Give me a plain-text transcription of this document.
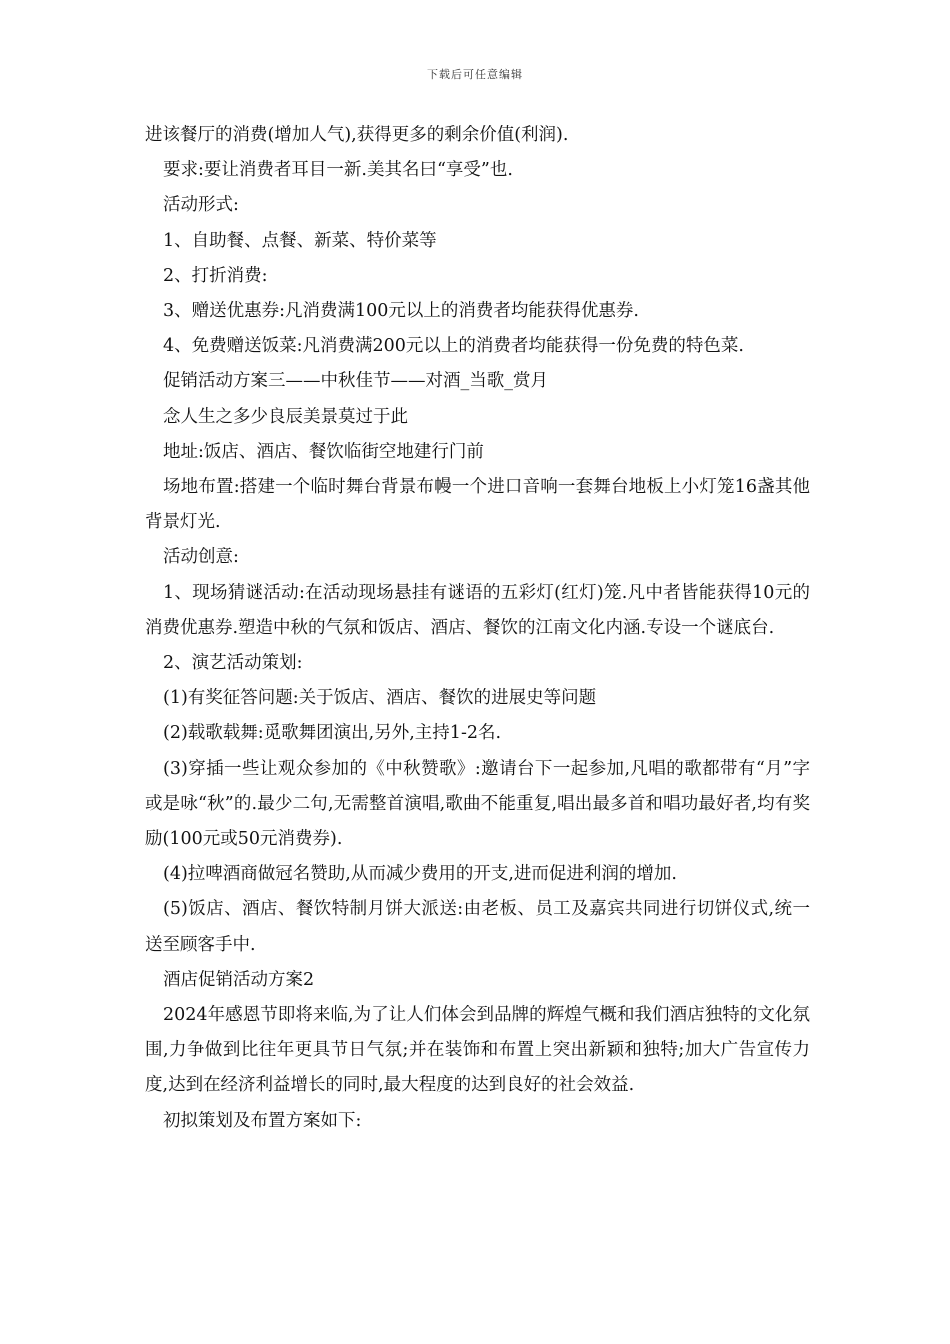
下载后可任意编辑

进该餐厅的消费(增加人气),获得更多的剩余价值(利润).

要求:要让消费者耳目一新.美其名曰“享受”也.

活动形式:

1、自助餐、点餐、新菜、特价菜等

2、打折消费:

3、赠送优惠券:凡消费满100元以上的消费者均能获得优惠券.

4、免费赠送饭菜:凡消费满200元以上的消费者均能获得一份免费的特色菜.

促销活动方案三——中秋佳节——对酒_当歌_赏月

念人生之多少良辰美景莫过于此

地址:饭店、酒店、餐饮临街空地建行门前

场地布置:搭建一个临时舞台背景布幔一个进口音响一套舞台地板上小灯笼16盏其他背景灯光.

活动创意:

1、现场猜谜活动:在活动现场悬挂有谜语的五彩灯(红灯)笼.凡中者皆能获得10元的消费优惠券.塑造中秋的气氛和饭店、酒店、餐饮的江南文化内涵.专设一个谜底台.

2、演艺活动策划:

(1)有奖征答问题:关于饭店、酒店、餐饮的进展史等问题

(2)载歌载舞:觅歌舞团演出,另外,主持1-2名.

(3)穿插一些让观众参加的《中秋赞歌》:邀请台下一起参加,凡唱的歌都带有“月”字或是咏“秋”的.最少二句,无需整首演唱,歌曲不能重复,唱出最多首和唱功最好者,均有奖励(100元或50元消费券).

(4)拉啤酒商做冠名赞助,从而减少费用的开支,进而促进利润的增加.

(5)饭店、酒店、餐饮特制月饼大派送:由老板、员工及嘉宾共同进行切饼仪式,统一送至顾客手中.

酒店促销活动方案2

2024年感恩节即将来临,为了让人们体会到品牌的辉煌气概和我们酒店独特的文化氛围,力争做到比往年更具节日气氛;并在装饰和布置上突出新颖和独特;加大广告宣传力度,达到在经济利益增长的同时,最大程度的达到良好的社会效益.

初拟策划及布置方案如下:
